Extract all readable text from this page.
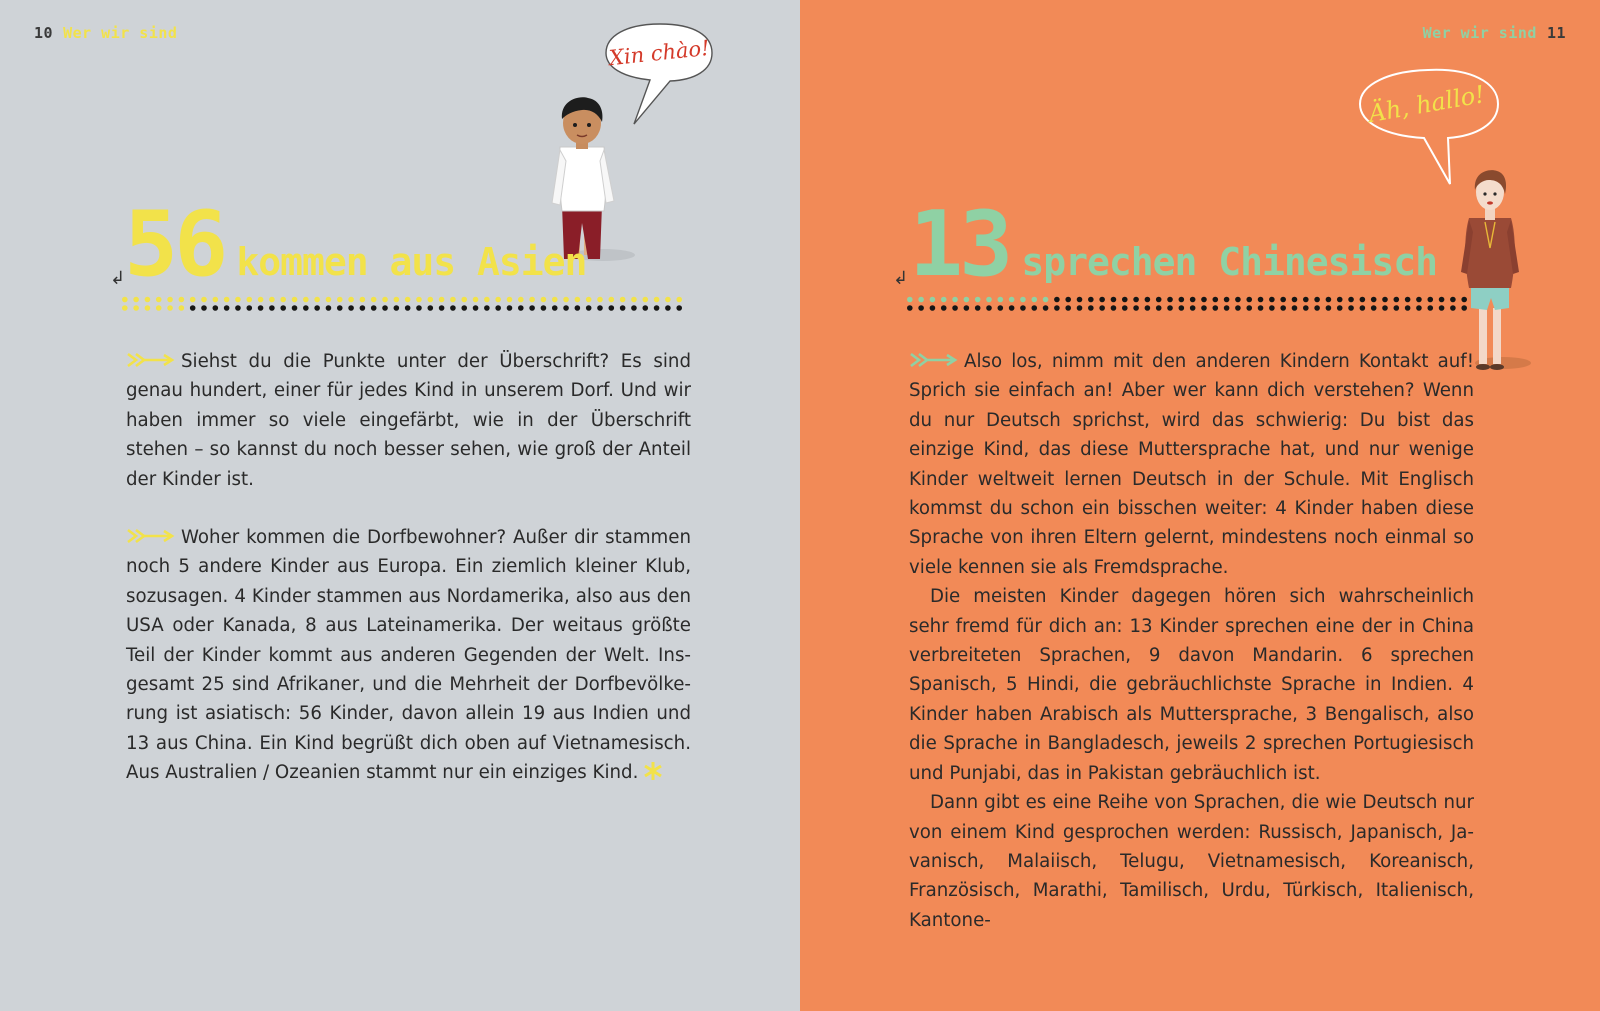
10 Wer wir sind
Xin chào!
56 kommen aus Asien
↲

Siehst du die Punkte unter der Überschrift? Es sind genau hundert, einer für jedes Kind in unserem Dorf. Und wir haben immer so viele eingefärbt, wie in der Überschrift stehen – so kannst du noch besser sehen, wie groß der Anteil der Kinder ist.

Woher kommen die Dorfbewohner? Außer dir stammen noch 5 andere Kinder aus Europa. Ein ziemlich kleiner Klub, sozusagen. 4 Kinder stammen aus Nordamerika, also aus den USA oder Kanada, 8 aus Lateinamerika. Der weitaus größte Teil der Kinder kommt aus anderen Gegenden der Welt. Insgesamt 25 sind Afrikaner, und die Mehrheit der Dorfbevölkerung ist asiatisch: 56 Kinder, davon allein 19 aus Indien und 13 aus China. Ein Kind begrüßt dich oben auf Vietnamesisch. Aus Australien / Ozeanien stammt nur ein einziges Kind.

Wer wir sind 11
Äh, hallo!
13 sprechen Chinesisch
↲

Also los, nimm mit den anderen Kindern Kontakt auf! Sprich sie einfach an! Aber wer kann dich verstehen? Wenn du nur Deutsch sprichst, wird das schwierig: Du bist das einzige Kind, das diese Muttersprache hat, und nur wenige Kinder weltweit lernen Deutsch in der Schule. Mit Englisch kommst du schon ein bisschen weiter: 4 Kinder haben diese Sprache von ihren Eltern gelernt, mindestens noch einmal so viele kennen sie als Fremdsprache.

Die meisten Kinder dagegen hören sich wahrscheinlich sehr fremd für dich an: 13 Kinder sprechen eine der in China verbreiteten Sprachen, 9 davon Mandarin. 6 sprechen Spanisch, 5 Hindi, die gebräuchlichste Sprache in Indien. 4 Kinder haben Arabisch als Muttersprache, 3 Bengalisch, also die Sprache in Bangladesch, jeweils 2 sprechen Portugiesisch und Punjabi, das in Pakistan gebräuchlich ist.

Dann gibt es eine Reihe von Sprachen, die wie Deutsch nur von einem Kind gesprochen werden: Russisch, Japanisch, Javanisch, Malaiisch, Telugu, Vietnamesisch, Koreanisch, Französisch, Marathi, Tamilisch, Urdu, Türkisch, Italienisch, Kantone-
